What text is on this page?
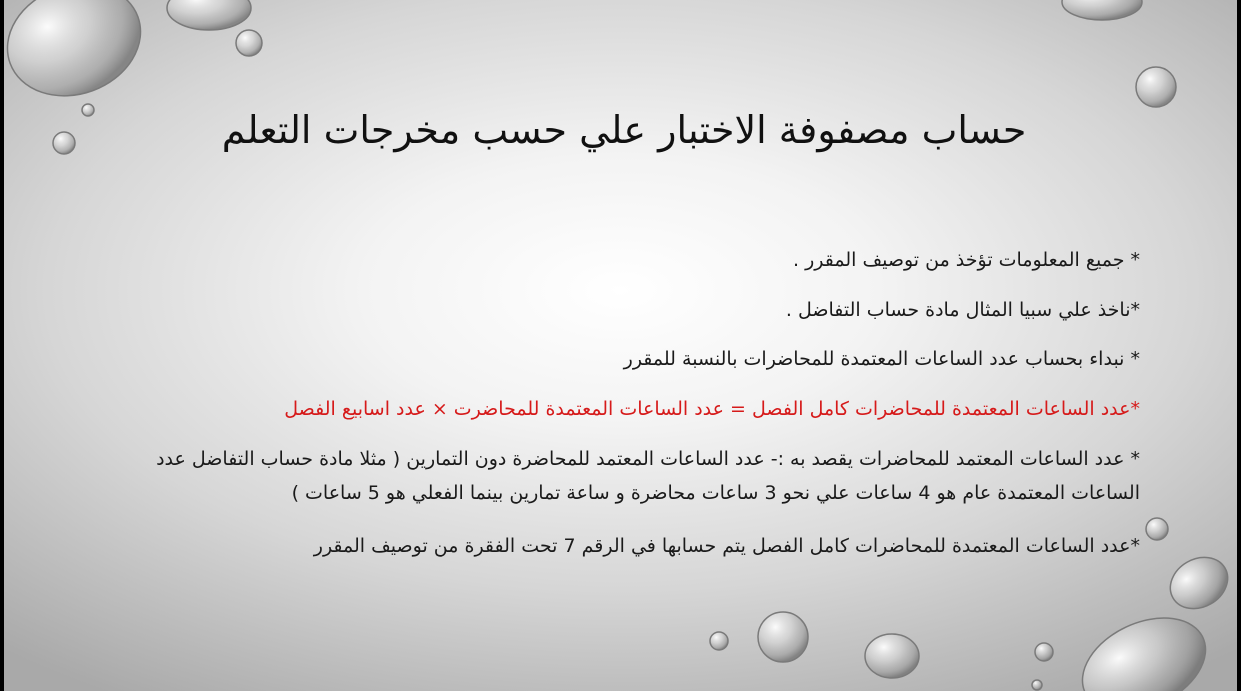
حساب مصفوفة الاختبار علي حسب مخرجات التعلم

* جميع المعلومات تؤخذ من توصيف المقرر .

*ناخذ علي سبيا المثال مادة حساب التفاضل .

* نبداء بحساب عدد الساعات المعتمدة للمحاضرات بالنسبة للمقرر

*عدد الساعات المعتمدة للمحاضرات كامل الفصل = عدد الساعات المعتمدة للمحاضرت × عدد اسابيع الفصل

* عدد الساعات المعتمد للمحاضرات يقصد به :- عدد الساعات المعتمد للمحاضرة دون التمارين ( مثلا مادة حساب التفاضل عدد الساعات المعتمدة عام هو 4 ساعات علي نحو 3 ساعات محاضرة و ساعة تمارين بينما الفعلي هو 5 ساعات )

*عدد الساعات المعتمدة للمحاضرات كامل الفصل يتم حسابها في الرقم 7 تحت الفقرة من توصيف المقرر
